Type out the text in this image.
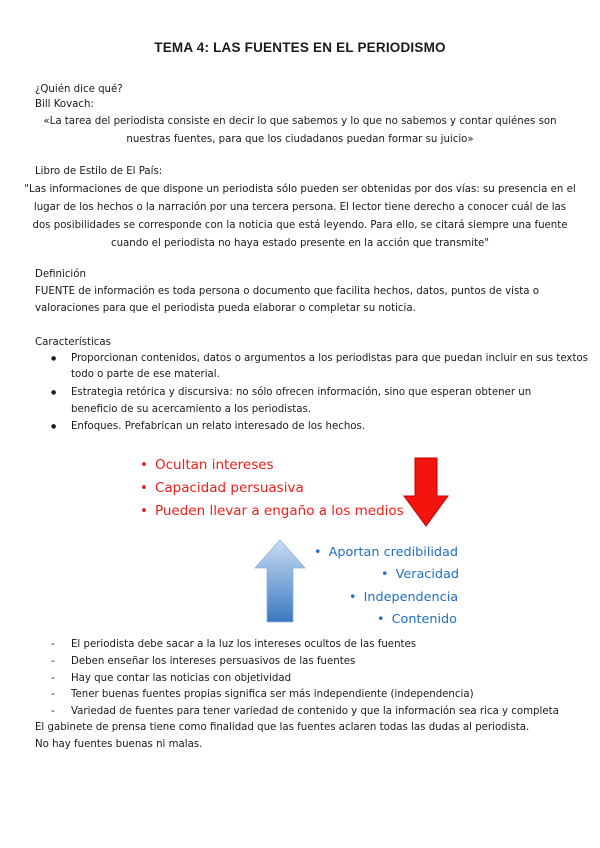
TEMA 4: LAS FUENTES EN EL PERIODISMO
¿Quién dice qué?
Bill Kovach:
«La tarea del periodista consiste en decir lo que sabemos y lo que no sabemos y contar quiénes son
nuestras fuentes, para que los ciudadanos puedan formar su juicio»
Libro de Estilo de El País:
"Las informaciones de que dispone un periodista sólo pueden ser obtenidas por dos vías: su presencia en el
lugar de los hechos o la narración por una tercera persona. El lector tiene derecho a conocer cuál de las
dos posibilidades se corresponde con la noticia que está leyendo. Para ello, se citará siempre una fuente
cuando el periodista no haya estado presente en la acción que transmite"
Definición
FUENTE de información es toda persona o documento que facilita hechos, datos, puntos de vista o
valoraciones para que el periodista pueda elaborar o completar su noticia.
Características
● Proporcionan contenidos, datos o argumentos a los periodistas para que puedan incluir en sus textos
todo o parte de ese material.
● Estrategia retórica y discursiva: no sólo ofrecen información, sino que esperan obtener un
beneficio de su acercamiento a los periodistas.
● Enfoques. Prefabrican un relato interesado de los hechos.
• Ocultan intereses
• Capacidad persuasiva
• Pueden llevar a engaño a los medios
• Aportan credibilidad
• Veracidad
• Independencia
• Contenido
- El periodista debe sacar a la luz los intereses ocultos de las fuentes
- Deben enseñar los intereses persuasivos de las fuentes
- Hay que contar las noticias con objetividad
- Tener buenas fuentes propias significa ser más independiente (independencia)
- Variedad de fuentes para tener variedad de contenido y que la información sea rica y completa
El gabinete de prensa tiene como finalidad que las fuentes aclaren todas las dudas al periodista.
No hay fuentes buenas ni malas.
